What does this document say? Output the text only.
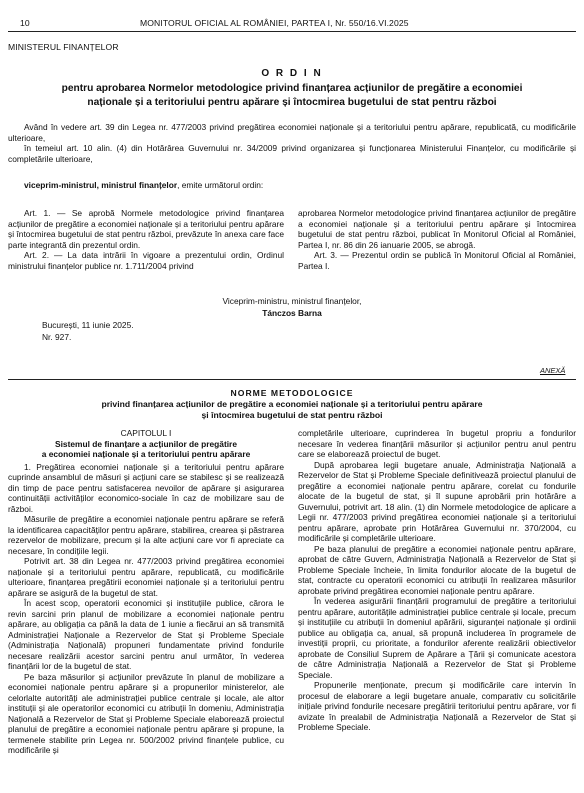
10	MONITORUL OFICIAL AL ROMÂNIEI, PARTEA I, Nr. 550/16.VI.2025
MINISTERUL FINANȚELOR
O R D I N
pentru aprobarea Normelor metodologice privind finanțarea acțiunilor de pregătire a economiei
naționale și a teritoriului pentru apărare și întocmirea bugetului de stat pentru război

Având în vedere art. 39 din Legea nr. 477/2003 privind pregătirea economiei naționale și a teritoriului pentru apărare, republicată, cu modificările ulterioare,

în temeiul art. 10 alin. (4) din Hotărârea Guvernului nr. 34/2009 privind organizarea și funcționarea Ministerului Finanțelor, cu modificările și completările ulterioare,

viceprim-ministrul, ministrul finanțelor, emite următorul ordin:

Art. 1. — Se aprobă Normele metodologice privind finanțarea acțiunilor de pregătire a economiei naționale și a teritoriului pentru apărare și întocmirea bugetului de stat pentru război, prevăzute în anexa care face parte integrantă din prezentul ordin.

Art. 2. — La data intrării în vigoare a prezentului ordin, Ordinul ministrului finanțelor publice nr. 1.711/2004 privind

aprobarea Normelor metodologice privind finanțarea acțiunilor de pregătire a economiei naționale și a teritoriului pentru apărare și întocmirea bugetului de stat pentru război, publicat în Monitorul Oficial al României, Partea I, nr. 86 din 26 ianuarie 2005, se abrogă.

Art. 3. — Prezentul ordin se publică în Monitorul Oficial al României, Partea I.

Viceprim-ministru, ministrul finanțelor,
Tánczos Barna
București, 11 iunie 2025.
Nr. 927.
ANEXĂ
NORME METODOLOGICE
privind finanțarea acțiunilor de pregătire a economiei naționale și a teritoriului pentru apărare
și întocmirea bugetului de stat pentru război
CAPITOLUL I
Sistemul de finanțare a acțiunilor de pregătire
a economiei naționale și a teritoriului pentru apărare

1. Pregătirea economiei naționale și a teritoriului pentru apărare cuprinde ansamblul de măsuri și acțiuni care se stabilesc și se realizează din timp de pace pentru satisfacerea nevoilor de apărare și asigurarea continuității activităților economico-sociale în caz de mobilizare sau de război.

Măsurile de pregătire a economiei naționale pentru apărare se referă la identificarea capacităților pentru apărare, stabilirea, crearea și păstrarea rezervelor de mobilizare, precum și la alte acțiuni care vor fi apreciate ca necesare, în condițiile legii.

Potrivit art. 38 din Legea nr. 477/2003 privind pregătirea economiei naționale și a teritoriului pentru apărare, republicată, cu modificările ulterioare, finanțarea pregătirii economiei naționale și a teritoriului pentru apărare se asigură de la bugetul de stat.

În acest scop, operatorii economici și instituțiile publice, cărora le revin sarcini prin planul de mobilizare a economiei naționale pentru apărare, au obligația ca până la data de 1 iunie a fiecărui an să transmită Administrației Naționale a Rezervelor de Stat și Probleme Speciale (Administrația Națională) propuneri fundamentate privind fondurile necesare realizării acestor sarcini pentru anul următor, în vederea finanțării lor de la bugetul de stat.

Pe baza măsurilor și acțiunilor prevăzute în planul de mobilizare a economiei naționale pentru apărare și a propunerilor ministerelor, ale celorlalte autorități ale administrației publice centrale și locale, ale altor instituții și ale operatorilor economici cu atribuții în domeniu, Administrația Națională a Rezervelor de Stat și Probleme Speciale elaborează proiectul planului de pregătire a economiei naționale pentru apărare și propune, la termenele stabilite prin Legea nr. 500/2002 privind finanțele publice, cu modificările și

completările ulterioare, cuprinderea în bugetul propriu a fondurilor necesare în vederea finanțării măsurilor și acțiunilor pentru anul pentru care se elaborează proiectul de buget.

După aprobarea legii bugetare anuale, Administrația Națională a Rezervelor de Stat și Probleme Speciale definitivează proiectul planului de pregătire a economiei naționale pentru apărare, corelat cu fondurile alocate de la bugetul de stat, și îl supune aprobării prin hotărâre a Guvernului, potrivit art. 18 alin. (1) din Normele metodologice de aplicare a Legii nr. 477/2003 privind pregătirea economiei naționale și a teritoriului pentru apărare, aprobate prin Hotărârea Guvernului nr. 370/2004, cu modificările și completările ulterioare.

Pe baza planului de pregătire a economiei naționale pentru apărare, aprobat de către Guvern, Administrația Națională a Rezervelor de Stat și Probleme Speciale încheie, în limita fondurilor alocate de la bugetul de stat, contracte cu operatorii economici cu atribuții în realizarea măsurilor aprobate privind pregătirea economiei naționale pentru apărare.

În vederea asigurării finanțării programului de pregătire a teritoriului pentru apărare, autoritățile administrației publice centrale și locale, precum și instituțiile cu atribuții în domeniul apărării, siguranței naționale și ordinii publice au obligația ca, anual, să propună includerea în programele de investiții proprii, cu prioritate, a fondurilor aferente realizării obiectivelor aprobate de Consiliul Suprem de Apărare a Țării și comunicate acestora de către Administrația Națională a Rezervelor de Stat și Probleme Speciale.

Propunerile menționate, precum și modificările care intervin în procesul de elaborare a legii bugetare anuale, comparativ cu solicitările inițiale privind fondurile necesare pregătirii teritoriului pentru apărare, vor fi avizate în prealabil de Administrația Națională a Rezervelor de Stat și Probleme Speciale.
